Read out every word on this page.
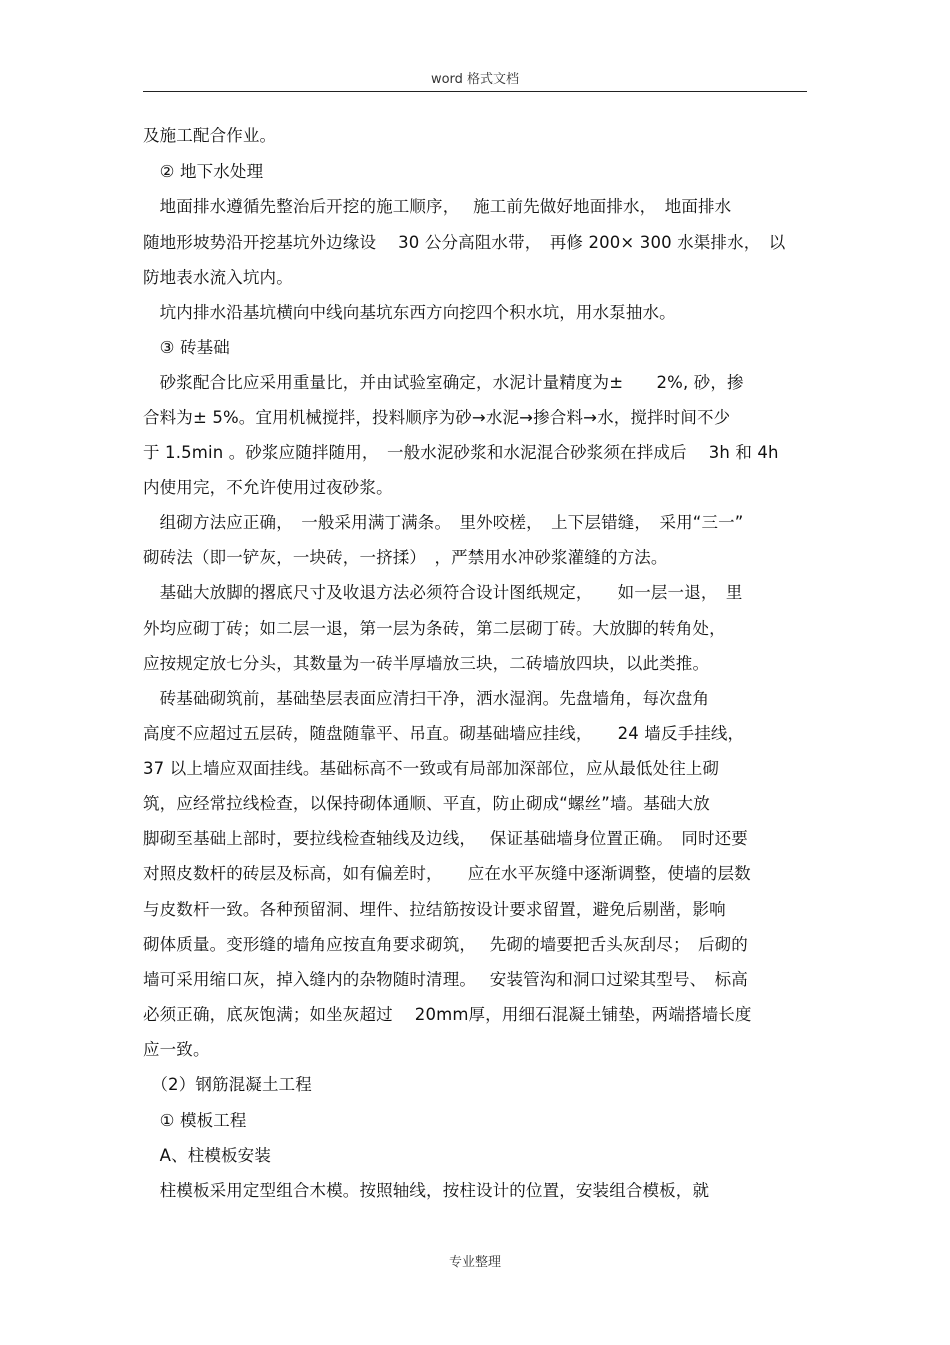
word 格式文档
及施工配合作业。
　② 地下水处理
　地面排水遵循先整治后开挖的施工顺序，　 施工前先做好地面排水，　地面排水
随地形坡势沿开挖基坑外边缘设　 30 公分高阻水带，　再修 200× 300 水渠排水，　以
防地表水流入坑内。
　坑内排水沿基坑横向中线向基坑东西方向挖四个积水坑，用水泵抽水。
　③ 砖基础
　砂浆配合比应采用重量比，并由试验室确定，水泥计量精度为±　　2%, 砂，掺
合料为± 5%。宜用机械搅拌，投料顺序为砂→水泥→掺合料→水，搅拌时间不少
于 1.5min 。砂浆应随拌随用，　一般水泥砂浆和水泥混合砂浆须在拌成后　 3h 和 4h
内使用完，不允许使用过夜砂浆。
　组砌方法应正确，　一般采用满丁满条。　里外咬槎，　上下层错缝，　采用“三一”
砌砖法（即一铲灰，一块砖，一挤揉）　，严禁用水冲砂浆灌缝的方法。
　基础大放脚的撂底尺寸及收退方法必须符合设计图纸规定，　　如一层一退，　里
外均应砌丁砖；如二层一退，第一层为条砖，第二层砌丁砖。大放脚的转角处，
应按规定放七分头，其数量为一砖半厚墙放三块，二砖墙放四块，以此类推。
　砖基础砌筑前，基础垫层表面应清扫干净，洒水湿润。先盘墙角，每次盘角
高度不应超过五层砖，随盘随靠平、吊直。砌基础墙应挂线，　　24 墙反手挂线，
37 以上墙应双面挂线。基础标高不一致或有局部加深部位，应从最低处往上砌
筑，应经常拉线检查，以保持砌体通顺、平直，防止砌成“螺丝”墙。基础大放
脚砌至基础上部时，要拉线检查轴线及边线，　 保证基础墙身位置正确。　同时还要
对照皮数杆的砖层及标高，如有偏差时，　　应在水平灰缝中逐渐调整，使墙的层数
与皮数杆一致。各种预留洞、埋件、拉结筋按设计要求留置，避免后剔凿，影响
砌体质量。变形缝的墙角应按直角要求砌筑，　 先砌的墙要把舌头灰刮尽；　后砌的
墙可采用缩口灰，掉入缝内的杂物随时清理。　 安装管沟和洞口过梁其型号、　标高
必须正确，底灰饱满；如坐灰超过　 20mm厚，用细石混凝土铺垫，两端搭墙长度
应一致。
　（2）钢筋混凝土工程
　① 模板工程
　A、柱模板安装
　柱模板采用定型组合木模。按照轴线，按柱设计的位置，安装组合模板，就
专业整理
